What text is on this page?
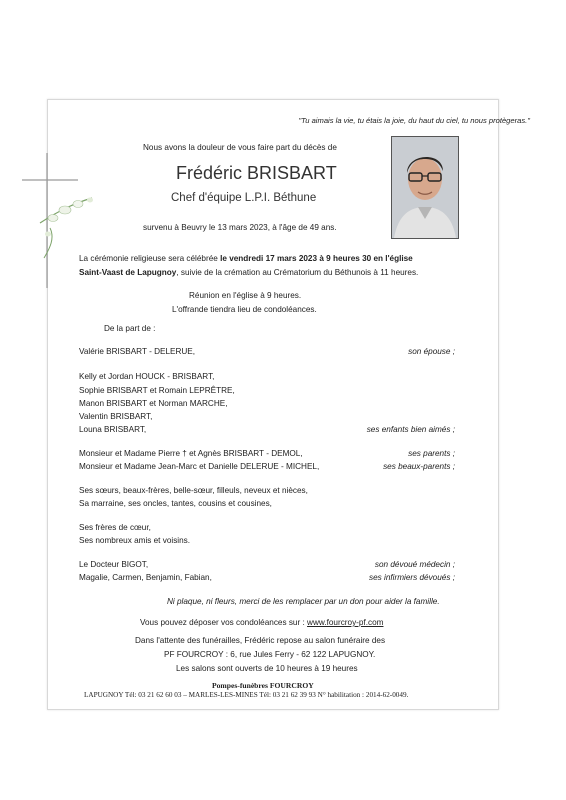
"Tu aimais la vie, tu étais la joie, du haut du ciel, tu nous protègeras."
Nous avons la douleur de vous faire part du décès de
Frédéric BRISBART
Chef d'équipe L.P.I. Béthune
survenu à Beuvry le 13 mars 2023, à l'âge de 49 ans.
La cérémonie religieuse sera célébrée le vendredi 17 mars 2023 à 9 heures 30 en l'église
Saint-Vaast de Lapugnoy, suivie de la crémation au Crématorium du Béthunois à 11 heures.
Réunion en l'église à 9 heures.
L'offrande tiendra lieu de condoléances.
De la part de :
Valérie BRISBART - DELERUE,	son épouse ;
Kelly et Jordan HOUCK - BRISBART,
Sophie BRISBART et Romain LEPRÊTRE,
Manon BRISBART et Norman MARCHE,
Valentin BRISBART,
Louna BRISBART,	ses enfants bien aimés ;
Monsieur et Madame Pierre † et Agnès BRISBART - DEMOL,	ses parents ;
Monsieur et Madame Jean-Marc et Danielle DELERUE - MICHEL,	ses beaux-parents ;
Ses sœurs, beaux-frères, belle-sœur, filleuls, neveux et nièces,
Sa marraine, ses oncles, tantes, cousins et cousines,
Ses frères de cœur,
Ses nombreux amis et voisins.
Le Docteur BIGOT,	son dévoué médecin ;
Magalie, Carmen, Benjamin, Fabian,	ses infirmiers dévoués ;
Ni plaque, ni fleurs, merci de les remplacer par un don pour aider la famille.
Vous pouvez déposer vos condoléances sur : www.fourcroy-pf.com
Dans l'attente des funérailles, Frédéric repose au salon funéraire des
PF FOURCROY : 6, rue Jules Ferry - 62 122 LAPUGNOY.
Les salons sont ouverts de 10 heures à 19 heures
Pompes-funèbres FOURCROY
LAPUGNOY Tél: 03 21 62 60 03 – MARLES-LES-MINES Tél: 03 21 62 39 93 N° habilitation : 2014-62-0049.
